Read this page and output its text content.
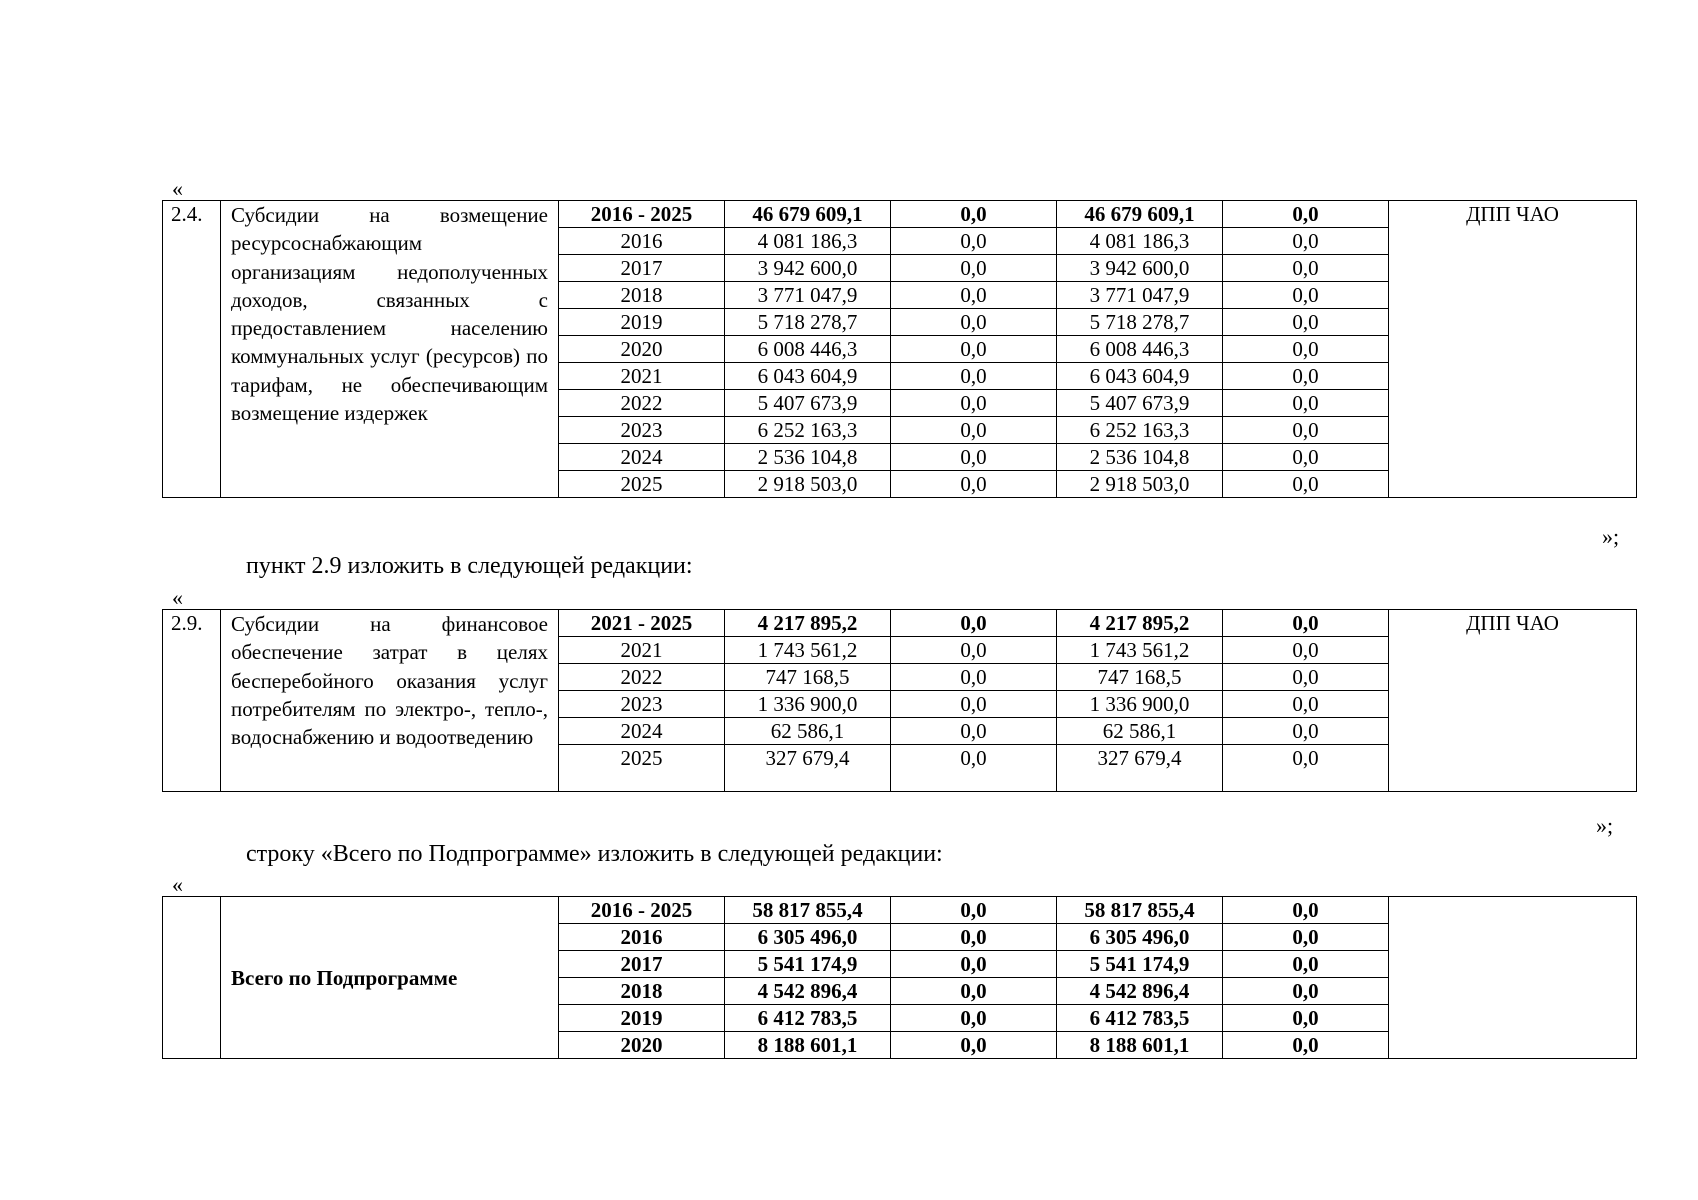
«
2.4.	Субсидии на возмещение ресурсоснабжающим организациям недополученных доходов, связанных с предоставлением населению коммунальных услуг (ресурсов) по тарифам, не обеспечивающим возмещение издержек	2016 - 2025	46 679 609,1	0,0	46 679 609,1	0,0	ДПП ЧАО
		2016	4 081 186,3	0,0	4 081 186,3	0,0	
		2017	3 942 600,0	0,0	3 942 600,0	0,0	
		2018	3 771 047,9	0,0	3 771 047,9	0,0	
		2019	5 718 278,7	0,0	5 718 278,7	0,0	
		2020	6 008 446,3	0,0	6 008 446,3	0,0	
		2021	6 043 604,9	0,0	6 043 604,9	0,0	
		2022	5 407 673,9	0,0	5 407 673,9	0,0	
		2023	6 252 163,3	0,0	6 252 163,3	0,0	
		2024	2 536 104,8	0,0	2 536 104,8	0,0	
		2025	2 918 503,0	0,0	2 918 503,0	0,0	
»;
пункт 2.9 изложить в следующей редакции:
«
2.9.	Субсидии на финансовое обеспечение затрат в целях бесперебойного оказания услуг потребителям по электро-, тепло-, водоснабжению и водоотведению	2021 - 2025	4 217 895,2	0,0	4 217 895,2	0,0	ДПП ЧАО
		2021	1 743 561,2	0,0	1 743 561,2	0,0	
		2022	747 168,5	0,0	747 168,5	0,0	
		2023	1 336 900,0	0,0	1 336 900,0	0,0	
		2024	62 586,1	0,0	62 586,1	0,0	
		2025	327 679,4	0,0	327 679,4	0,0	
»;
строку «Всего по Подпрограмме» изложить в следующей редакции:
«
	Всего по Подпрограмме	2016 - 2025	58 817 855,4	0,0	58 817 855,4	0,0	
		2016	6 305 496,0	0,0	6 305 496,0	0,0	
		2017	5 541 174,9	0,0	5 541 174,9	0,0	
		2018	4 542 896,4	0,0	4 542 896,4	0,0	
		2019	6 412 783,5	0,0	6 412 783,5	0,0	
		2020	8 188 601,1	0,0	8 188 601,1	0,0	
